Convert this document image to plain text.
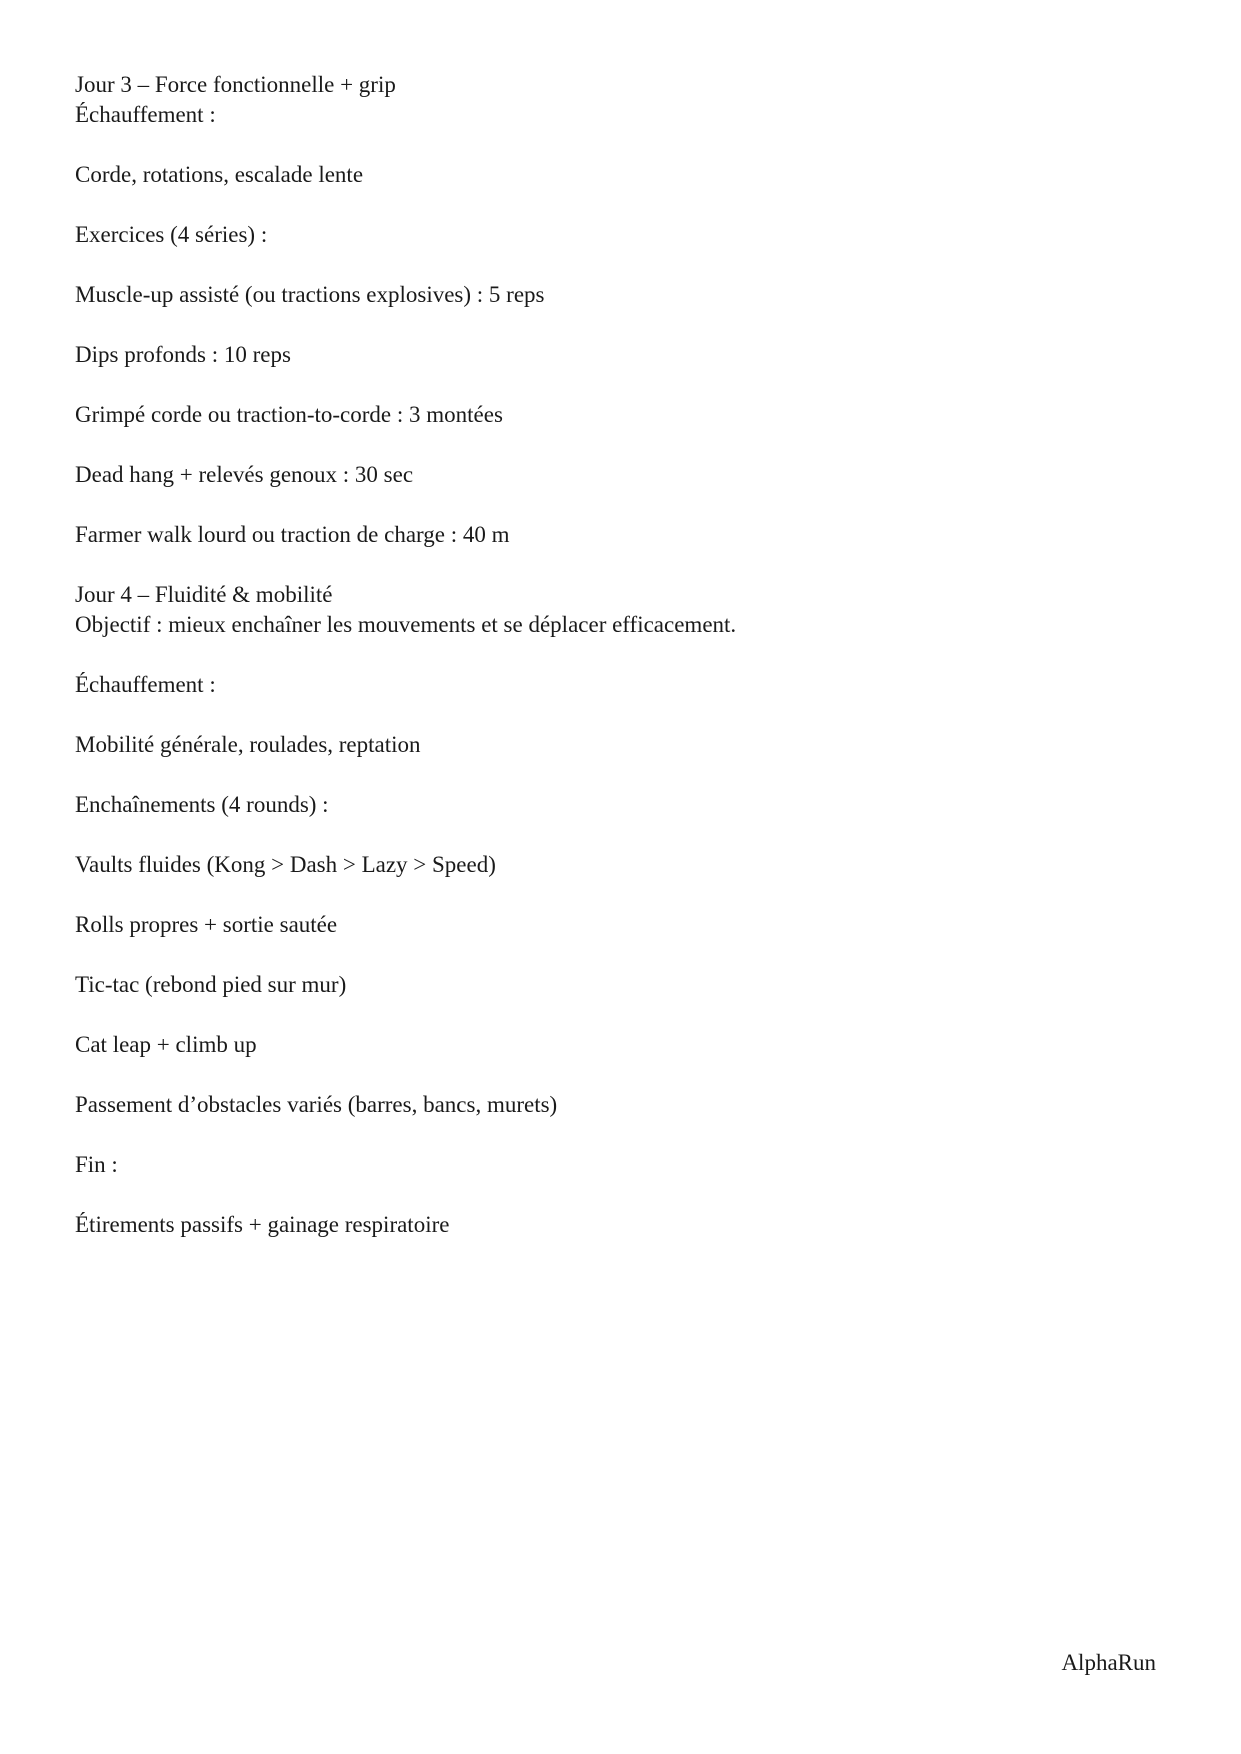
Jour 3 – Force fonctionnelle + grip

Échauffement :

Corde, rotations, escalade lente

Exercices (4 séries) :

Muscle-up assisté (ou tractions explosives) : 5 reps

Dips profonds : 10 reps

Grimpé corde ou traction-to-corde : 3 montées

Dead hang + relevés genoux : 30 sec

Farmer walk lourd ou traction de charge : 40 m

Jour 4 – Fluidité & mobilité

Objectif : mieux enchaîner les mouvements et se déplacer efficacement.

Échauffement :

Mobilité générale, roulades, reptation

Enchaînements (4 rounds) :

Vaults fluides (Kong > Dash > Lazy > Speed)

Rolls propres + sortie sautée

Tic-tac (rebond pied sur mur)

Cat leap + climb up

Passement d’obstacles variés (barres, bancs, murets)

Fin :

Étirements passifs + gainage respiratoire

AlphaRun
